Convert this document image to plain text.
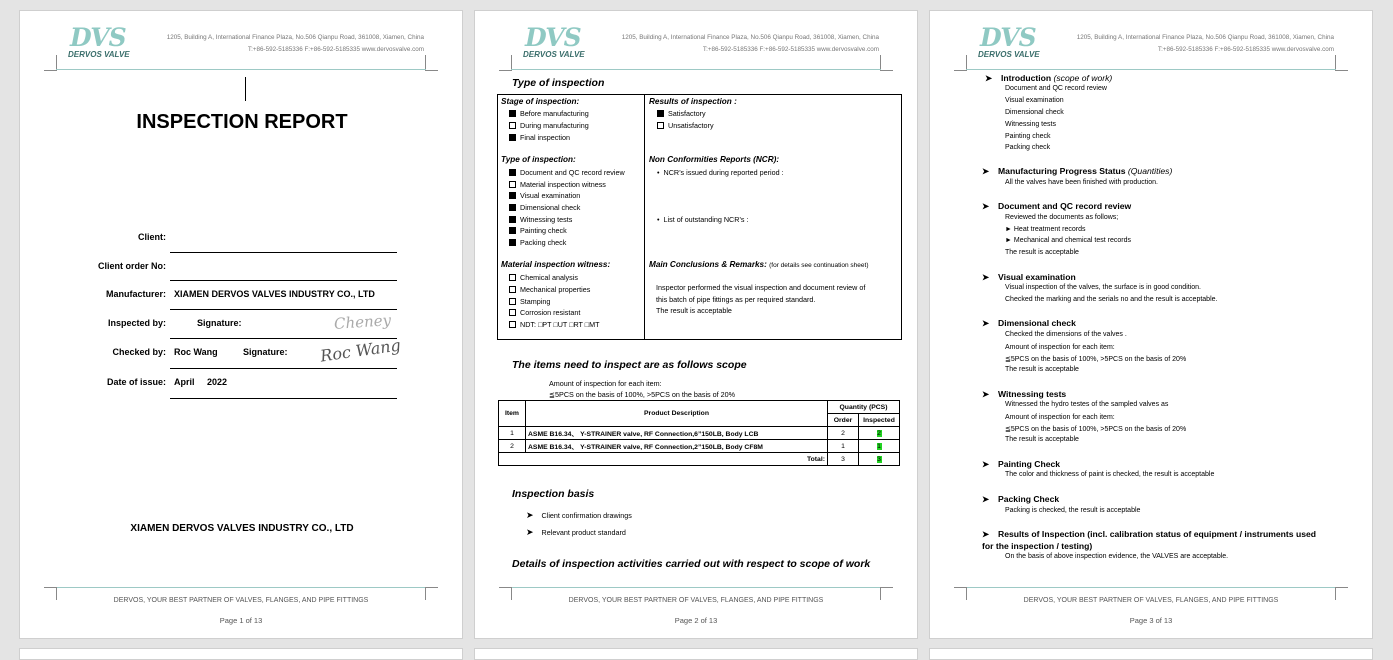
DVS
DERVOS VALVE
1205, Building A, International Finance Plaza, No.506 Qianpu Road, 361008, Xiamen, China
T:+86-592-5185336 F:+86-592-5185335 www.dervosvalve.com
INSPECTION REPORT
Client:
Client order No:
Manufacturer: XIAMEN DERVOS VALVES INDUSTRY CO., LTD
Inspected by:	Signature:	Cheney
Checked by: Roc Wang	Signature: Roc Wang
Date of issue: April     2022
XIAMEN DERVOS VALVES INDUSTRY CO., LTD
DERVOS, YOUR BEST PARTNER OF VALVES, FLANGES, AND PIPE FITTINGS
Page 1 of 13
DVS
DERVOS VALVE
1205, Building A, International Finance Plaza, No.506 Qianpu Road, 361008, Xiamen, China
T:+86-592-5185336 F:+86-592-5185335 www.dervosvalve.com
Type of inspection
Stage of inspection:
Before manufacturing
During manufacturing
Final inspection
Type of inspection:
Document and QC record review
Material inspection witness
Visual examination
Dimensional check
Witnessing tests
Painting check
Packing check
Material inspection witness:
Chemical analysis
Mechanical properties
Stamping
Corrosion resistant
NDT: □PT □UT □RT □MT
Results of inspection :
Satisfactory
Unsatisfactory
Non Conformities Reports (NCR):
•  NCR’s issued during reported period :
•  List of outstanding NCR’s :
Main Conclusions & Remarks: (for details see continuation sheet)
Inspector performed the visual inspection and document review of
this batch of pipe fittings as per required standard.
The result is acceptable
The items need to inspect are as follows scope
Amount of inspection for each item:
≦5PCS on the basis of 100%, >5PCS on the basis of 20%
Item	Product Description	Quantity (PCS)	
		Order	Inspected
1	ASME B16.34、 Y-STRAINER valve, RF Connection,6”150LB, Body LCB	2	2
2	ASME B16.34、 Y-STRAINER valve, RF Connection,2”150LB, Body CF8M	1	1
Total:		3	3
Inspection basis
➤ Client confirmation drawings
➤ Relevant product standard
Details of inspection activities carried out with respect to scope of work
DERVOS, YOUR BEST PARTNER OF VALVES, FLANGES, AND PIPE FITTINGS
Page 2 of 13
DVS
DERVOS VALVE
1205, Building A, International Finance Plaza, No.506 Qianpu Road, 361008, Xiamen, China
T:+86-592-5185336 F:+86-592-5185335 www.dervosvalve.com
➤ Introduction (scope of work)
Document and QC record review
Visual examination
Dimensional check
Witnessing tests
Painting check
Packing check
➤ Manufacturing Progress Status (Quantities)
All the valves have been finished with production.
➤ Document and QC record review
Reviewed the documents as follows;
► Heat treatment records
► Mechanical and chemical test records
The result is acceptable
➤ Visual examination
Visual inspection of the valves, the surface is in good condition.
Checked the marking and the serials no and the result is acceptable.
➤ Dimensional check
Checked the dimensions of the valves .
Amount of inspection for each item:
≦5PCS on the basis of 100%, >5PCS on the basis of 20%
The result is acceptable
➤ Witnessing tests
Witnessed the hydro testes of the sampled valves as
Amount of inspection for each item:
≦5PCS on the basis of 100%, >5PCS on the basis of 20%
The result is acceptable
➤ Painting Check
The color and thickness of paint is checked, the result is acceptable
➤ Packing Check
Packing is checked, the result is acceptable
➤ Results of Inspection (incl. calibration status of equipment / instruments used
for the inspection / testing)
On the basis of above inspection evidence, the VALVES are acceptable.
DERVOS, YOUR BEST PARTNER OF VALVES, FLANGES, AND PIPE FITTINGS
Page 3 of 13
